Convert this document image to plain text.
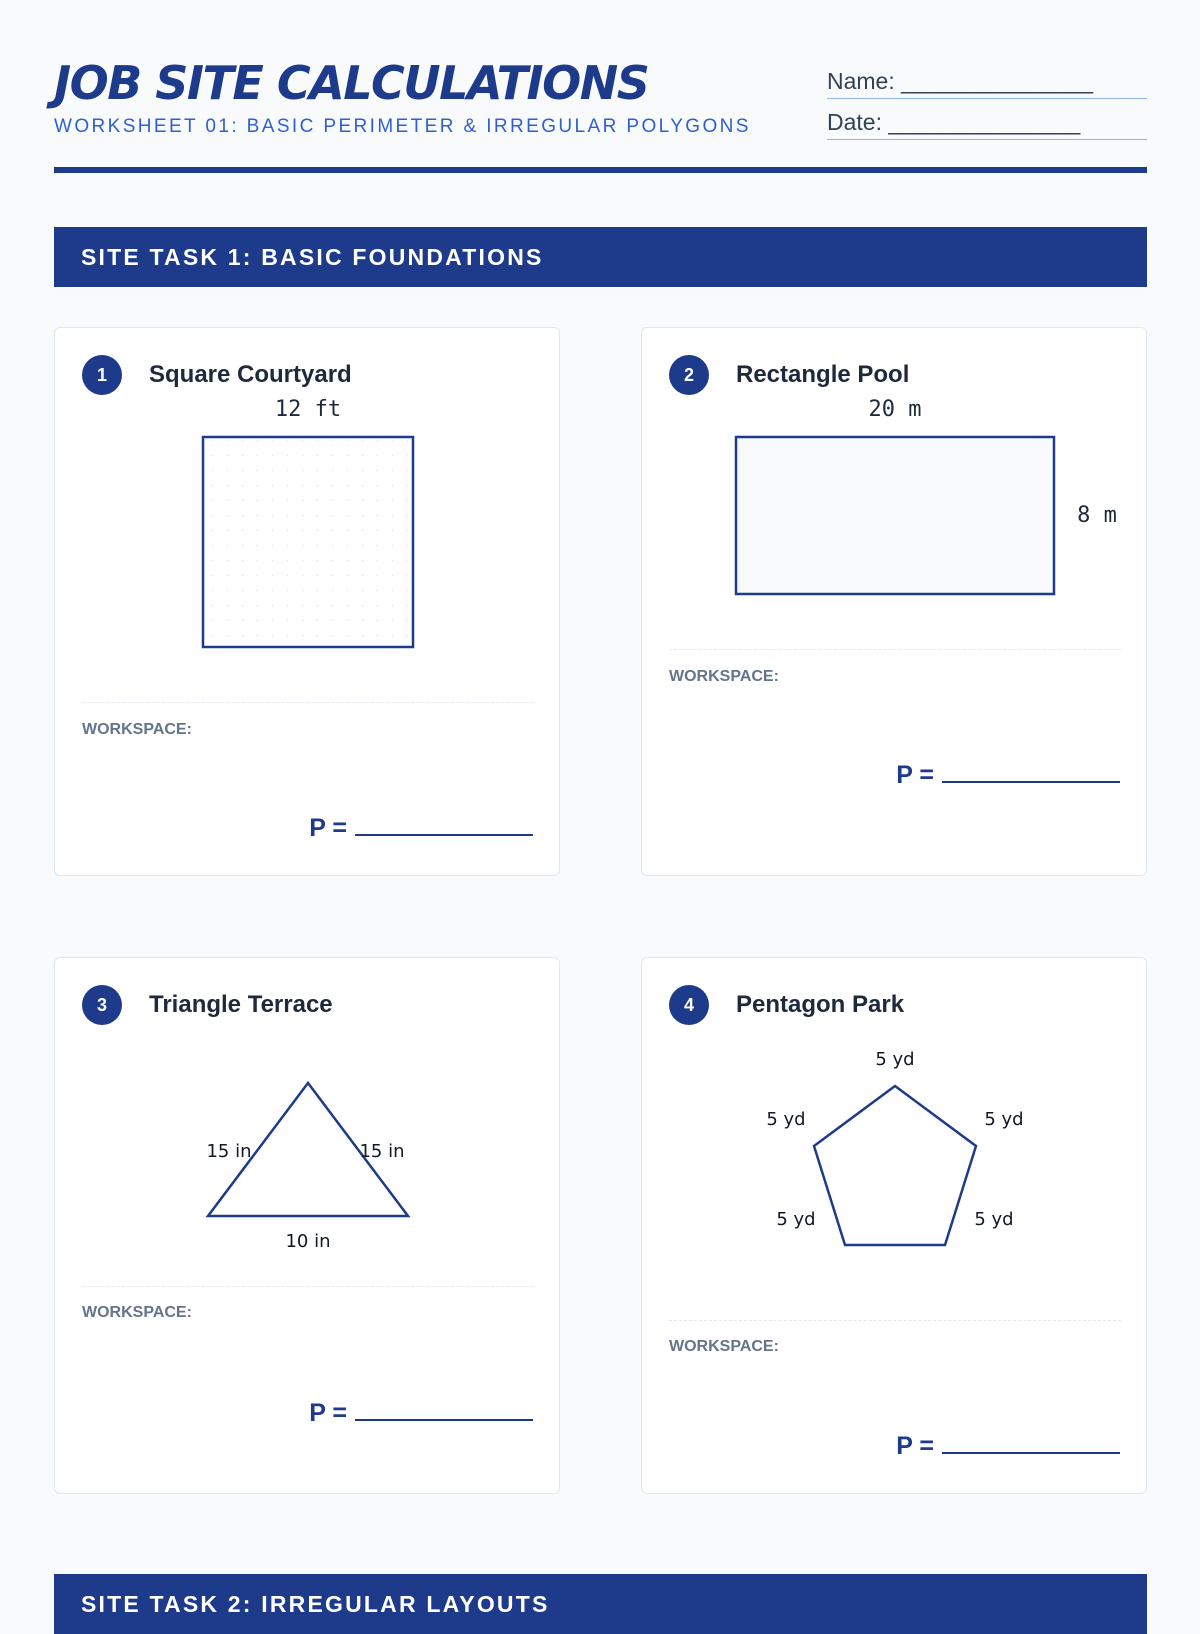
JOB SITE CALCULATIONS
WORKSHEET 01: BASIC PERIMETER & IRREGULAR POLYGONS
Name: _______________
Date: _______________
SITE TASK 1: BASIC FOUNDATIONS
1	Square Courtyard
12 ft
WORKSPACE:
P =
2	Rectangle Pool
20 m
8 m
WORKSPACE:
P =
3	Triangle Terrace
15 in	15 in
10 in
WORKSPACE:
P =
4	Pentagon Park
5 yd
5 yd	5 yd
5 yd	5 yd
WORKSPACE:
P =
SITE TASK 2: IRREGULAR LAYOUTS
